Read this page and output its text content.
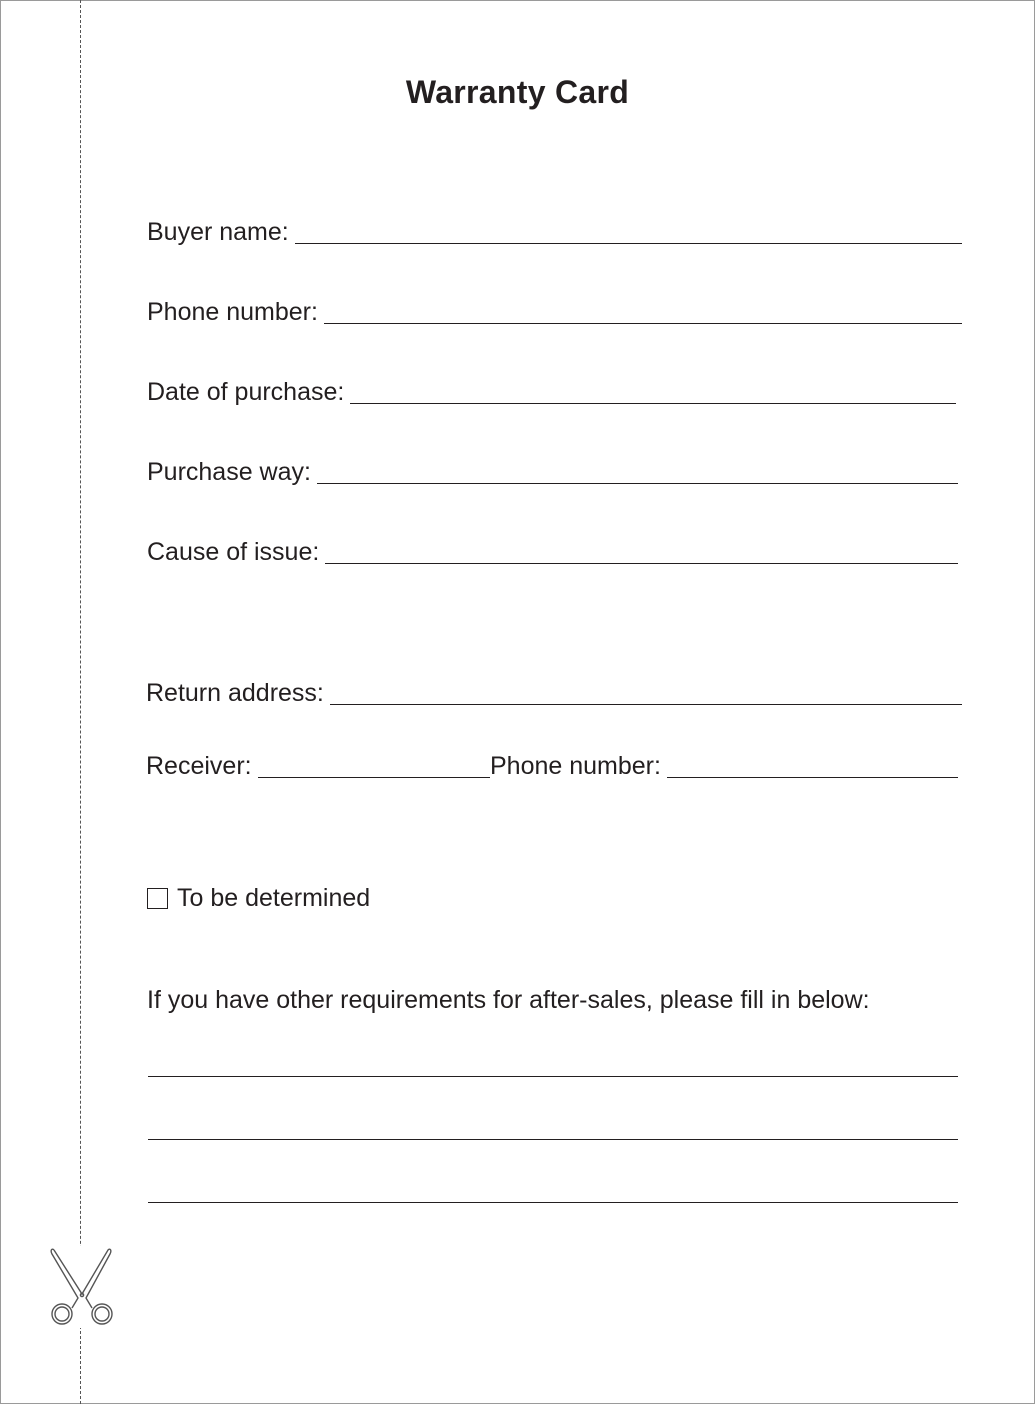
Warranty Card
Buyer name:
Phone number:
Date of purchase:
Purchase way:
Cause of issue:
Return address:
Receiver:	Phone number:
To be determined
If you have other requirements for after-sales, please fill in below:
